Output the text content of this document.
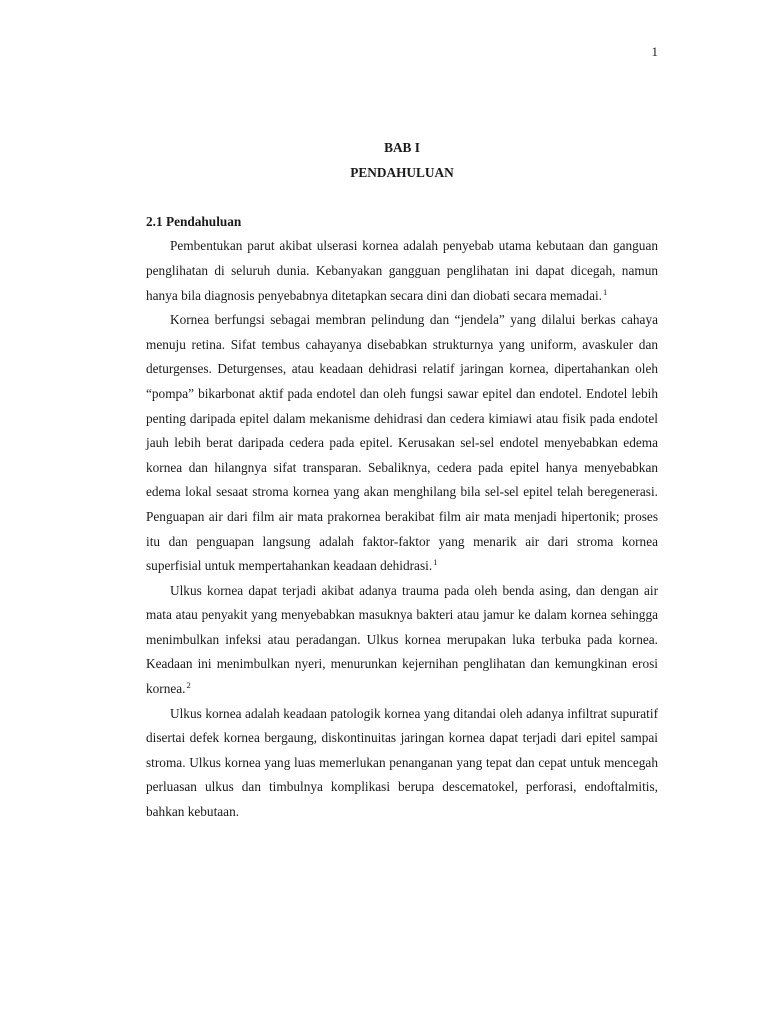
1

BAB I

PENDAHULUAN

2.1 Pendahuluan

Pembentukan parut akibat ulserasi kornea adalah penyebab utama kebutaan dan ganguan penglihatan di seluruh dunia. Kebanyakan gangguan penglihatan ini dapat dicegah, namun hanya bila diagnosis penyebabnya ditetapkan secara dini dan diobati secara memadai.$^1$

Kornea berfungsi sebagai membran pelindung dan “jendela” yang dilalui berkas cahaya menuju retina. Sifat tembus cahayanya disebabkan strukturnya yang uniform, avaskuler dan deturgenses. Deturgenses, atau keadaan dehidrasi relatif jaringan kornea, dipertahankan oleh “pompa” bikarbonat aktif pada endotel dan oleh fungsi sawar epitel dan endotel. Endotel lebih penting daripada epitel dalam mekanisme dehidrasi dan cedera kimiawi atau fisik pada endotel jauh lebih berat daripada cedera pada epitel. Kerusakan sel-sel endotel menyebabkan edema kornea dan hilangnya sifat transparan. Sebaliknya, cedera pada epitel hanya menyebabkan edema lokal sesaat stroma kornea yang akan menghilang bila sel-sel epitel telah beregenerasi. Penguapan air dari film air mata prakornea berakibat film air mata menjadi hipertonik; proses itu dan penguapan langsung adalah faktor-faktor yang menarik air dari stroma kornea superfisial untuk mempertahankan keadaan dehidrasi.$^1$

Ulkus kornea dapat terjadi akibat adanya trauma pada oleh benda asing, dan dengan air mata atau penyakit yang menyebabkan masuknya bakteri atau jamur ke dalam kornea sehingga menimbulkan infeksi atau peradangan. Ulkus kornea merupakan luka terbuka pada kornea. Keadaan ini menimbulkan nyeri, menurunkan kejernihan penglihatan dan kemungkinan erosi kornea.$^2$

Ulkus kornea adalah keadaan patologik kornea yang ditandai oleh adanya infiltrat supuratif disertai defek kornea bergaung, diskontinuitas jaringan kornea dapat terjadi dari epitel sampai stroma. Ulkus kornea yang luas memerlukan penanganan yang tepat dan cepat untuk mencegah perluasan ulkus dan timbulnya komplikasi berupa descematokel, perforasi, endoftalmitis, bahkan kebutaan.
